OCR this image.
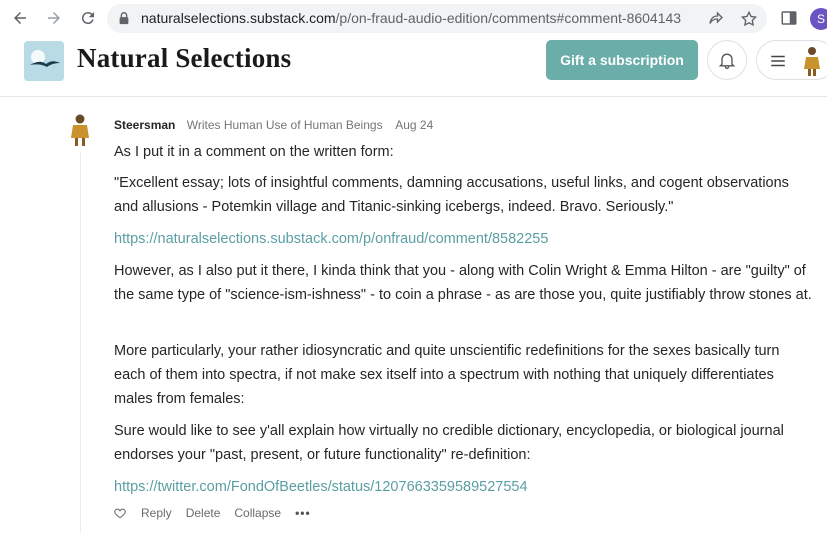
naturalselections.substack.com/p/on-fraud-audio-edition/comments#comment-8604143	S
Natural Selections	Gift a subscription
Steersman Writes Human Use of Human Beings Aug 24
As I put it in a comment on the written form:
"Excellent essay; lots of insightful comments, damning accusations, useful links, and cogent observations and allusions - Potemkin village and Titanic-sinking icebergs, indeed. Bravo. Seriously."
https://naturalselections.substack.com/p/onfraud/comment/8582255
However, as I also put it there, I kinda think that you - along with Colin Wright & Emma Hilton - are "guilty" of the same type of "science-ism-ishness" - to coin a phrase - as are those you, quite justifiably throw stones at.
More particularly, your rather idiosyncratic and quite unscientific redefinitions for the sexes basically turn each of them into spectra, if not make sex itself into a spectrum with nothing that uniquely differentiates males from females:
Sure would like to see y'all explain how virtually no credible dictionary, encyclopedia, or biological journal endorses your "past, present, or future functionality" re-definition:
https://twitter.com/FondOfBeetles/status/1207663359589527554
Reply Delete Collapse •••
